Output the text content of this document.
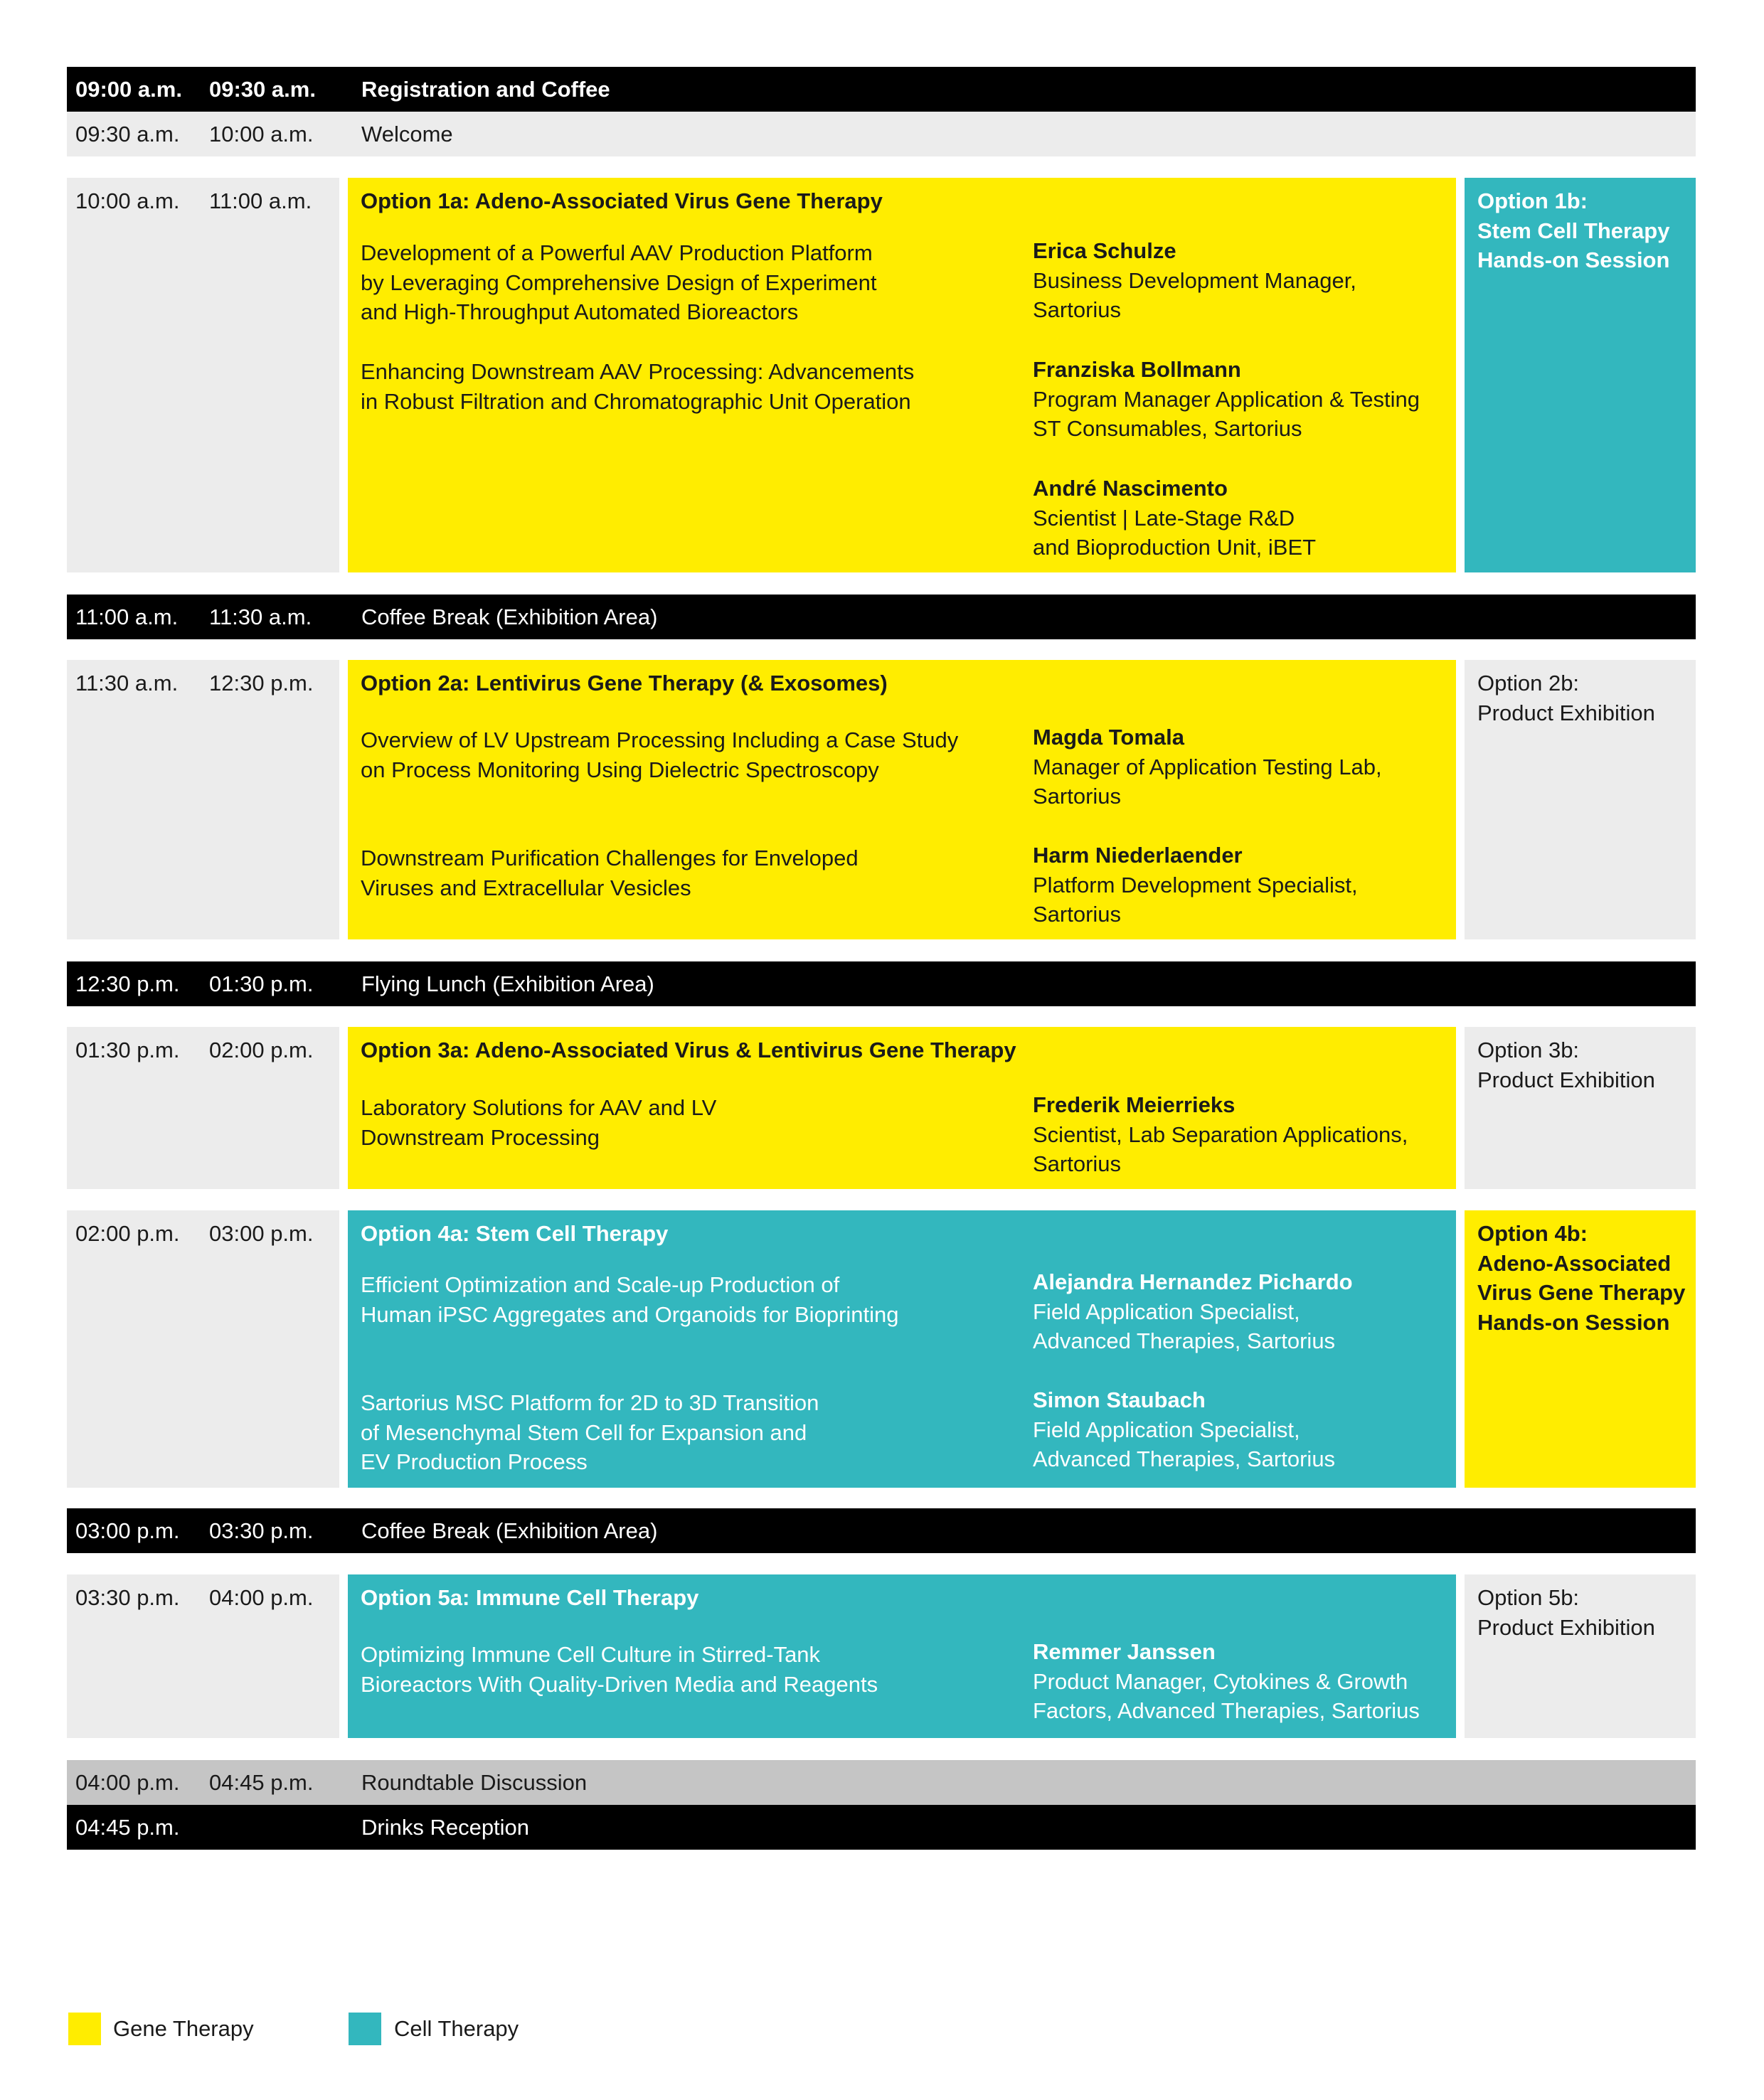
09:00 a.m. 09:30 a.m. Registration and Coffee
09:30 a.m. 10:00 a.m. Welcome
10:00 a.m. 11:00 a.m. Option 1a: Adeno-Associated Virus Gene Therapy
Development of a Powerful AAV Production Platform
by Leveraging Comprehensive Design of Experiment
and High-Throughput Automated Bioreactors
Enhancing Downstream AAV Processing: Advancements
in Robust Filtration and Chromatographic Unit Operation
Erica Schulze
Business Development Manager,
Sartorius
Franziska Bollmann
Program Manager Application & Testing
ST Consumables, Sartorius
André Nascimento
Scientist | Late-Stage R&D
and Bioproduction Unit, iBET
Option 1b:
Stem Cell Therapy
Hands-on Session
11:00 a.m. 11:30 a.m. Coffee Break (Exhibition Area)
11:30 a.m. 12:30 p.m. Option 2a: Lentivirus Gene Therapy (& Exosomes)
Overview of LV Upstream Processing Including a Case Study
on Process Monitoring Using Dielectric Spectroscopy
Downstream Purification Challenges for Enveloped
Viruses and Extracellular Vesicles
Magda Tomala
Manager of Application Testing Lab,
Sartorius
Harm Niederlaender
Platform Development Specialist,
Sartorius
Option 2b:
Product Exhibition
12:30 p.m. 01:30 p.m. Flying Lunch (Exhibition Area)
01:30 p.m. 02:00 p.m. Option 3a: Adeno-Associated Virus & Lentivirus Gene Therapy
Laboratory Solutions for AAV and LV
Downstream Processing
Frederik Meierrieks
Scientist, Lab Separation Applications,
Sartorius
Option 3b:
Product Exhibition
02:00 p.m. 03:00 p.m. Option 4a: Stem Cell Therapy
Efficient Optimization and Scale-up Production of
Human iPSC Aggregates and Organoids for Bioprinting
Sartorius MSC Platform for 2D to 3D Transition
of Mesenchymal Stem Cell for Expansion and
EV Production Process
Alejandra Hernandez Pichardo
Field Application Specialist,
Advanced Therapies, Sartorius
Simon Staubach
Field Application Specialist,
Advanced Therapies, Sartorius
Option 4b:
Adeno-Associated
Virus Gene Therapy
Hands-on Session
03:00 p.m. 03:30 p.m. Coffee Break (Exhibition Area)
03:30 p.m. 04:00 p.m. Option 5a: Immune Cell Therapy
Optimizing Immune Cell Culture in Stirred-Tank
Bioreactors With Quality-Driven Media and Reagents
Remmer Janssen
Product Manager, Cytokines & Growth
Factors, Advanced Therapies, Sartorius
Option 5b:
Product Exhibition
04:00 p.m. 04:45 p.m. Roundtable Discussion
04:45 p.m.	Drinks Reception
Gene Therapy	Cell Therapy
